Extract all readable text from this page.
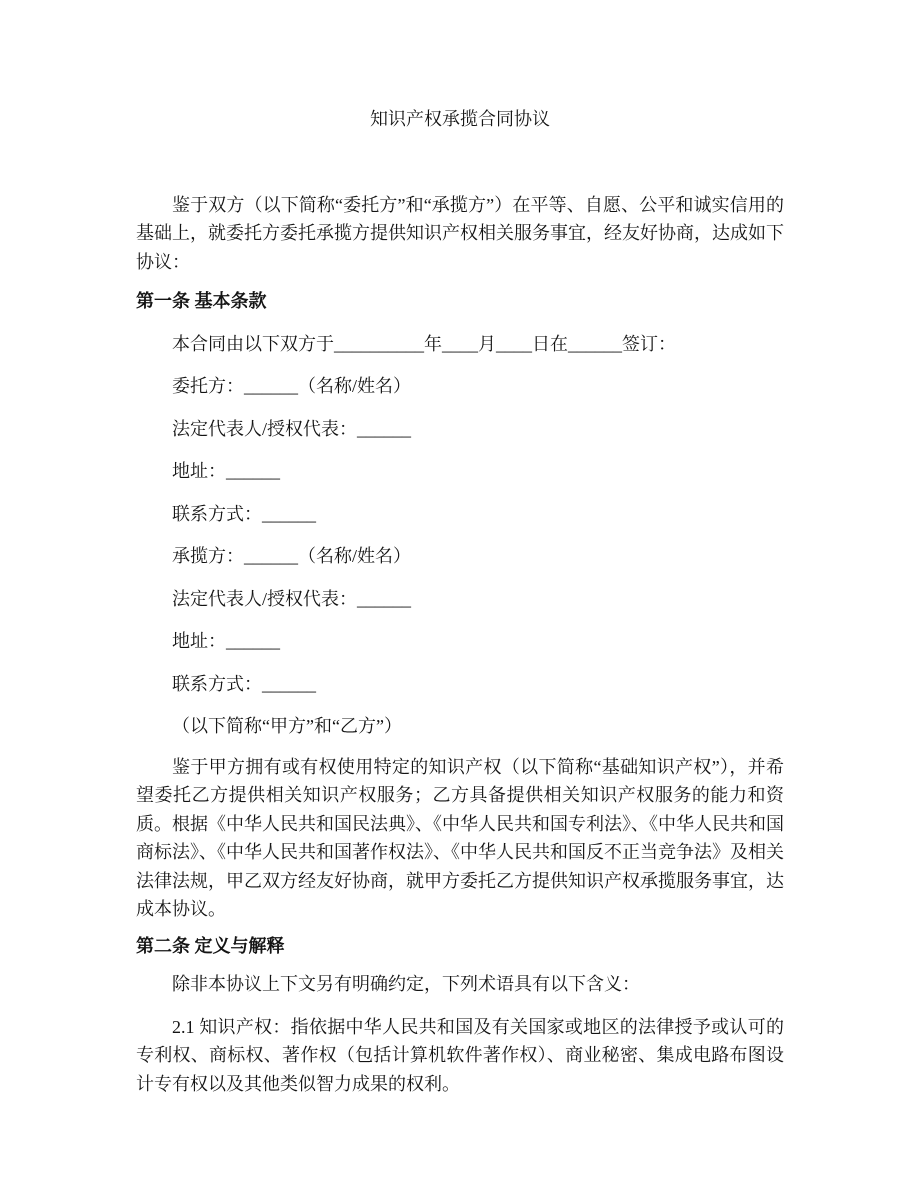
知识产权承揽合同协议

鉴于双方（以下简称“委托方”和“承揽方”）在平等、自愿、公平和诚实信用的基础上，就委托方委托承揽方提供知识产权相关服务事宜，经友好协商，达成如下协议：

第一条 基本条款

本合同由以下双方于__________年____月____日在______签订：

委托方：______（名称/姓名）

法定代表人/授权代表：______

地址：______

联系方式：______

承揽方：______（名称/姓名）

法定代表人/授权代表：______

地址：______

联系方式：______

（以下简称“甲方”和“乙方”）

鉴于甲方拥有或有权使用特定的知识产权（以下简称“基础知识产权”），并希望委托乙方提供相关知识产权服务；乙方具备提供相关知识产权服务的能力和资质。根据《中华人民共和国民法典》、《中华人民共和国专利法》、《中华人民共和国商标法》、《中华人民共和国著作权法》、《中华人民共和国反不正当竞争法》及相关法律法规，甲乙双方经友好协商，就甲方委托乙方提供知识产权承揽服务事宜，达成本协议。

第二条 定义与解释

除非本协议上下文另有明确约定，下列术语具有以下含义：

2.1 知识产权：指依据中华人民共和国及有关国家或地区的法律授予或认可的专利权、商标权、著作权（包括计算机软件著作权）、商业秘密、集成电路布图设计专有权以及其他类似智力成果的权利。
